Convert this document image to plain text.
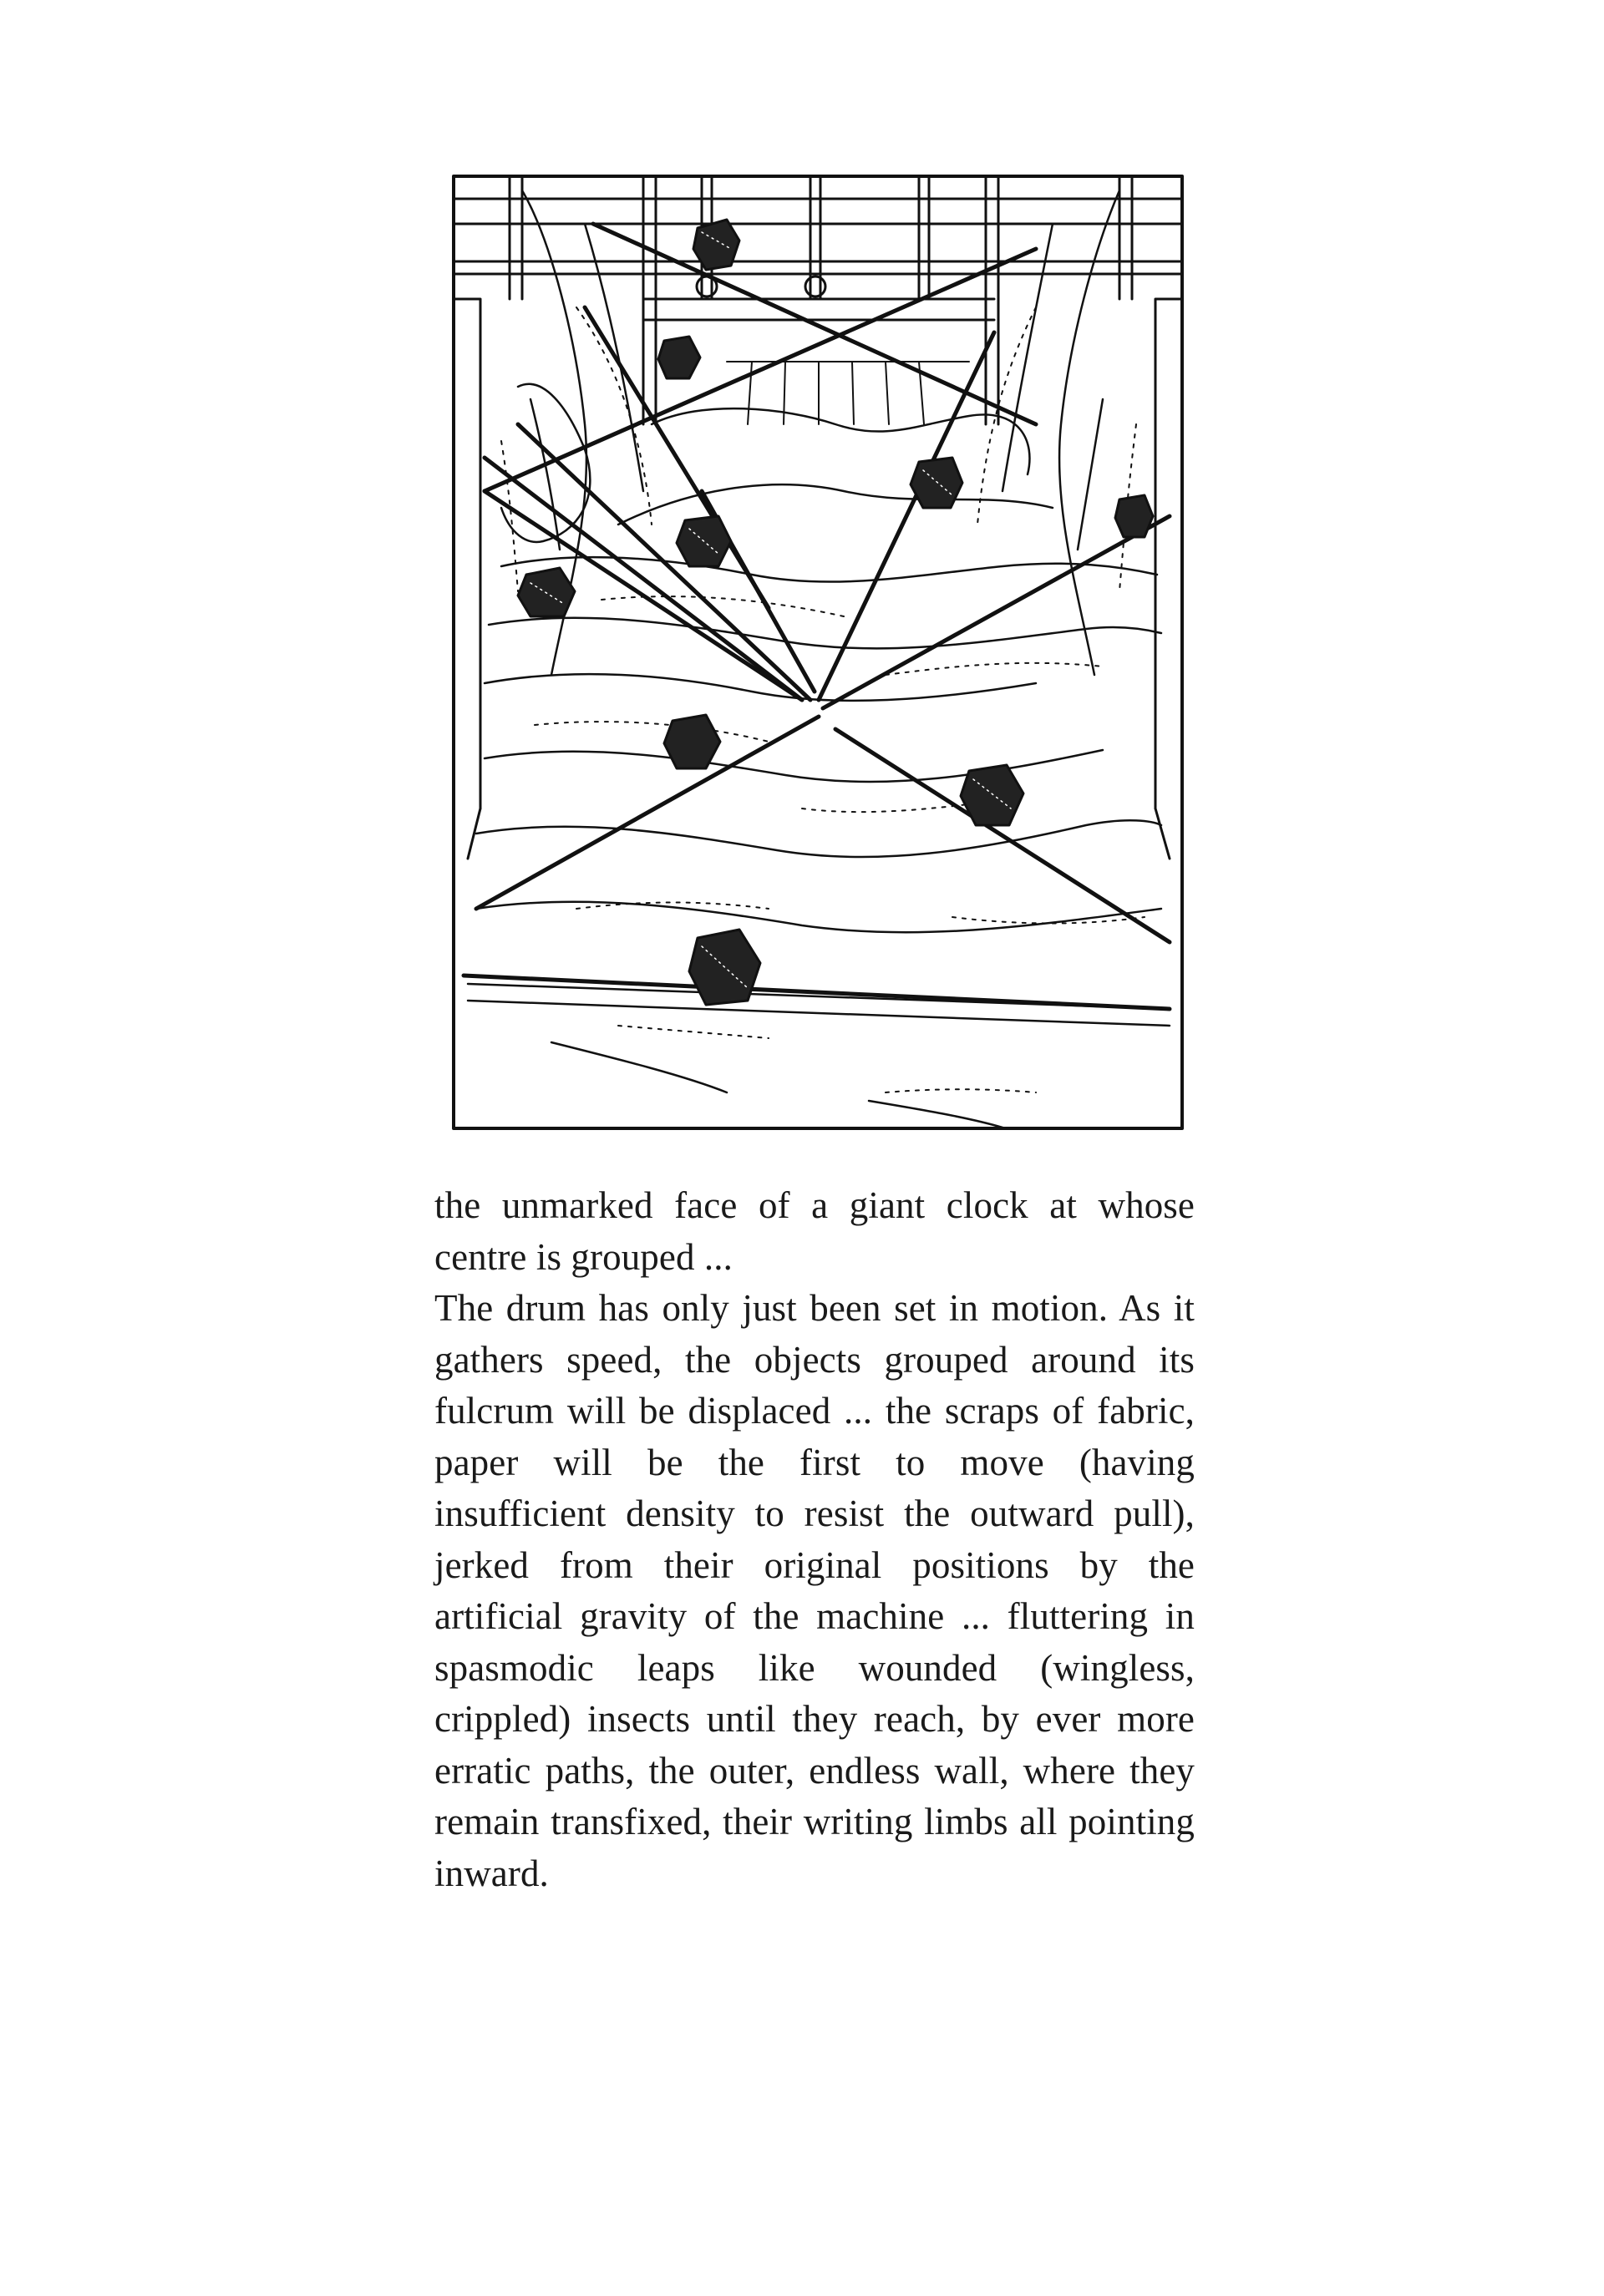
the unmarked face of a giant clock at whose centre is grouped ...

The drum has only just been set in motion. As it gathers speed, the objects grouped around its fulcrum will be displaced ... the scraps of fabric, paper will be the first to move (having insufficient density to resist the outward pull), jerked from their original positions by the artificial gravity of the machine ... fluttering in spasmodic leaps like wounded (wingless, crippled) insects until they reach, by ever more erratic paths, the outer, endless wall, where they remain transfixed, their writing limbs all pointing inward.
